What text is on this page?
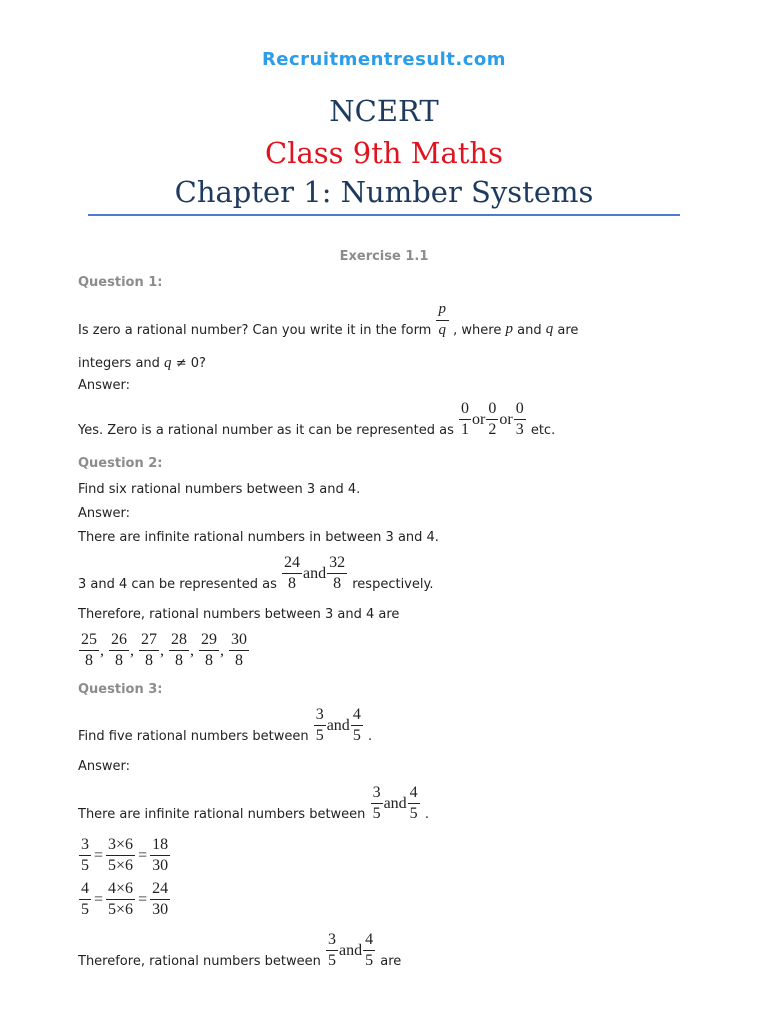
Recruitmentresult.com
NCERT
Class 9th Maths
Chapter 1: Number Systems
Exercise 1.1
Question 1:
Is zero a rational number? Can you write it in the form $\frac{p}{q}$ , where p and q are
integers and q ≠ 0?
Answer:
Yes. Zero is a rational number as it can be represented as $\frac{0}{1}$ or $\frac{0}{2}$ or $\frac{0}{3}$ etc.
Question 2:
Find six rational numbers between 3 and 4.
Answer:
There are infinite rational numbers in between 3 and 4.
3 and 4 can be represented as $\frac{24}{8}$ and $\frac{32}{8}$ respectively.
Therefore, rational numbers between 3 and 4 are
$\frac{25}{8}$ , $\frac{26}{8}$ , $\frac{27}{8}$ , $\frac{28}{8}$ , $\frac{29}{8}$ , $\frac{30}{8}$
Question 3:
Find five rational numbers between $\frac{3}{5}$ and $\frac{4}{5}$ .
Answer:
There are infinite rational numbers between $\frac{3}{5}$ and $\frac{4}{5}$ .
$\frac{3}{5} = \frac{3\times 6}{5\times 6} = \frac{18}{30}$
$\frac{4}{5} = \frac{4\times 6}{5\times 6} = \frac{24}{30}$
Therefore, rational numbers between $\frac{3}{5}$ and $\frac{4}{5}$ are
